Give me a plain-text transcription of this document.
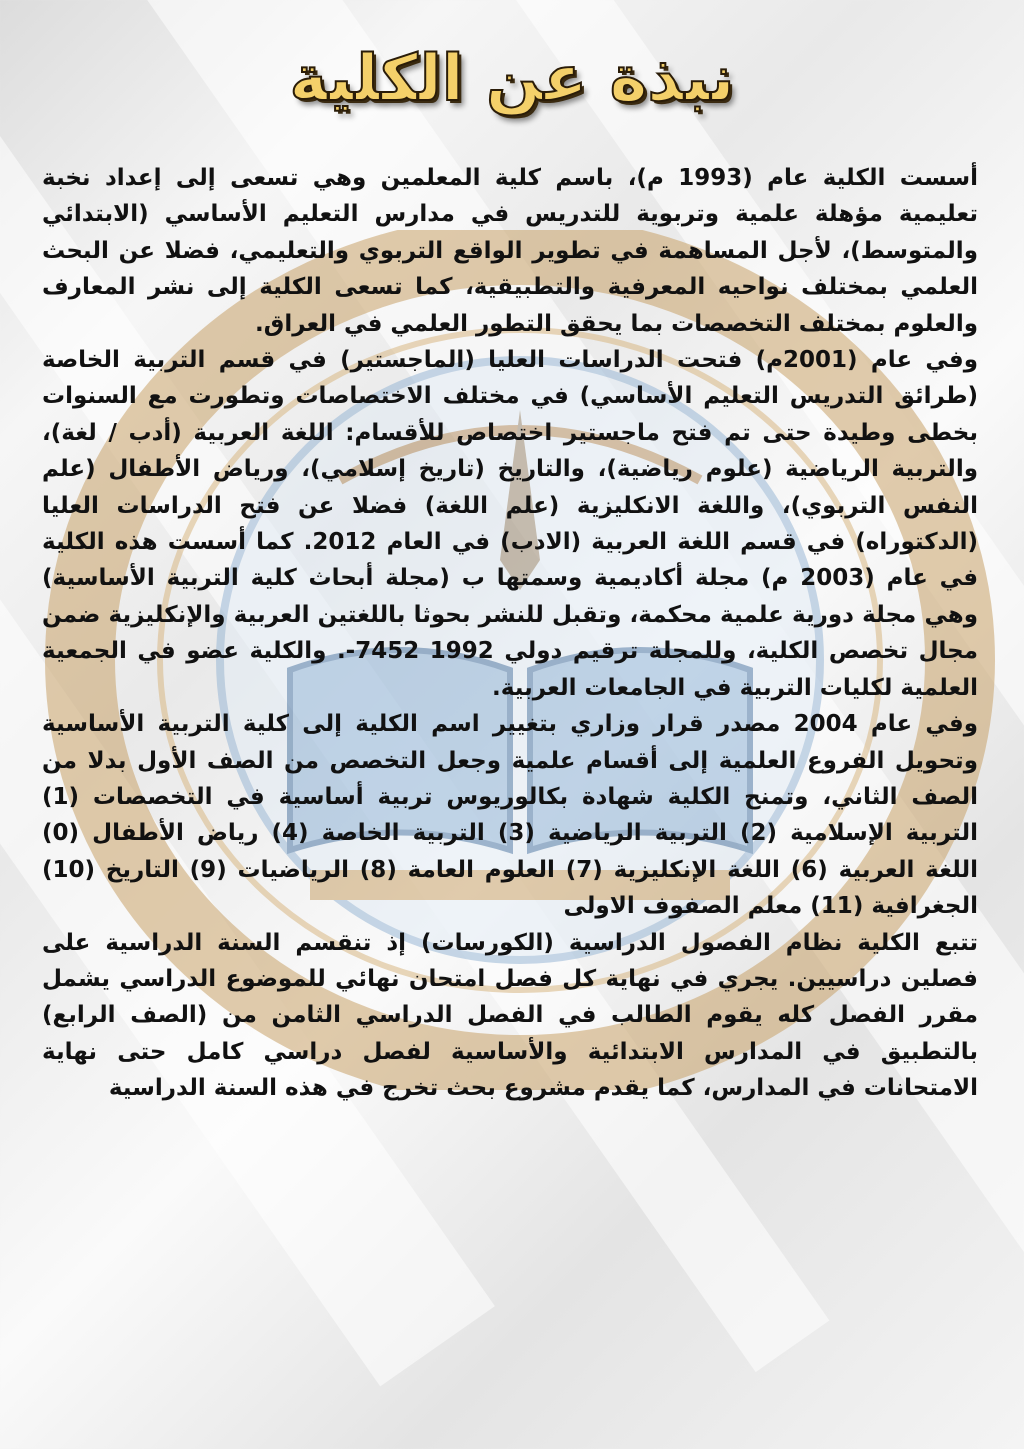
نبذة عن الكلية

أسست الكلية عام (1993 م)، باسم كلية المعلمين وهي تسعى إلى إعداد نخبة تعليمية مؤهلة علمية وتربوية للتدريس في مدارس التعليم الأساسي (الابتدائي والمتوسط)، لأجل المساهمة في تطوير الواقع التربوي والتعليمي، فضلا عن البحث العلمي بمختلف نواحيه المعرفية والتطبيقية، كما تسعى الكلية إلى نشر المعارف والعلوم بمختلف التخصصات بما يحقق التطور العلمي في العراق.

وفي عام (2001م) فتحت الدراسات العليا (الماجستير) في قسم التربية الخاصة (طرائق التدريس التعليم الأساسي) في مختلف الاختصاصات وتطورت مع السنوات بخطى وطيدة حتى تم فتح ماجستير اختصاص للأقسام: اللغة العربية (أدب / لغة)، والتربية الرياضية (علوم رياضية)، والتاريخ (تاريخ إسلامي)، ورياض الأطفال (علم النفس التربوي)، واللغة الانكليزية (علم اللغة) فضلا عن فتح الدراسات العليا (الدكتوراه) في قسم اللغة العربية (الادب) في العام 2012. كما أسست هذه الكلية في عام (2003 م) مجلة أكاديمية وسمتها ب (مجلة أبحاث كلية التربية الأساسية) وهي مجلة دورية علمية محكمة، وتقبل للنشر بحوثا باللغتين العربية والإنكليزية ضمن مجال تخصص الكلية، وللمجلة ترقيم دولي 1992 7452-. والكلية عضو في الجمعية العلمية لكليات التربية في الجامعات العربية.

وفي عام 2004 مصدر قرار وزاري بتغيير اسم الكلية إلى كلية التربية الأساسية وتحويل الفروع العلمية إلى أقسام علمية وجعل التخصص من الصف الأول بدلا من الصف الثاني، وتمنح الكلية شهادة بكالوريوس تربية أساسية في التخصصات (1) التربية الإسلامية (2) التربية الرياضية (3) التربية الخاصة (4) رياض الأطفال (0) اللغة العربية (6) اللغة الإنكليزية (7) العلوم العامة (8) الرياضيات (9) التاريخ (10) الجغرافية (11) معلم الصفوف الاولى

تتبع الكلية نظام الفصول الدراسية (الكورسات) إذ تنقسم السنة الدراسية على فصلين دراسيين. يجري في نهاية كل فصل امتحان نهائي للموضوع الدراسي يشمل مقرر الفصل كله يقوم الطالب في الفصل الدراسي الثامن من (الصف الرابع) بالتطبيق في المدارس الابتدائية والأساسية لفصل دراسي كامل حتى نهاية الامتحانات في المدارس، كما يقدم مشروع بحث تخرج في هذه السنة الدراسية
